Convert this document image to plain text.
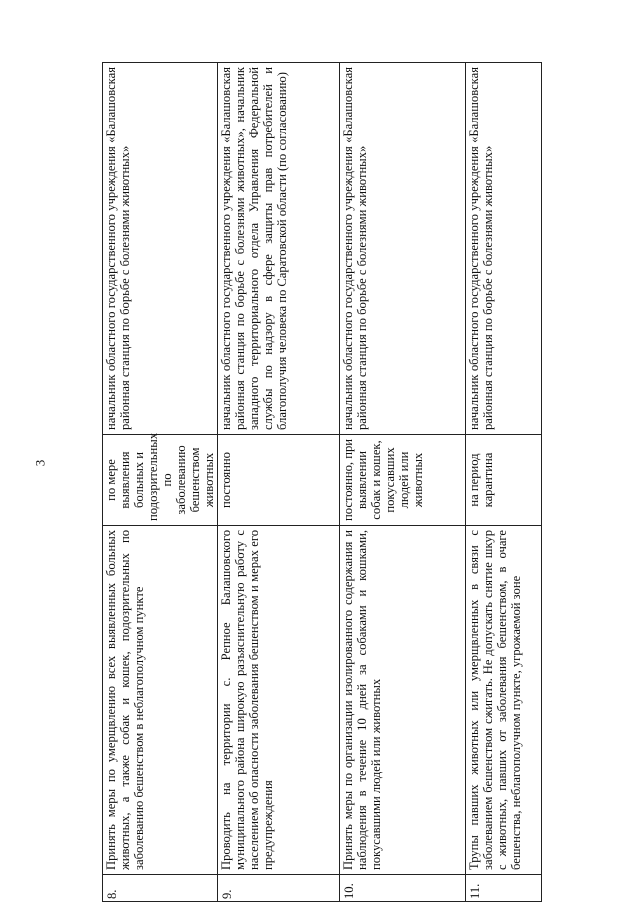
3
8.	Принять меры по умерщвлению всех выявленных больных животных, а также собак и кошек, подозрительных по заболеванию бешенством в неблагополучном пункте	по мере выявления больных и подозрительных по заболеванию бешенством животных	начальник областного государственного учреждения «Балашовская районная станция по борьбе с болезнями животных»
9.	Проводить на территории с. Репное Балашовского муниципального района широкую разъяснительную работу с населением об опасности заболевания бешенством и мерах его предупреждения	постоянно	начальник областного государственного учреждения «Балашовская районная станция по борьбе с болезнями животных», начальник западного территориального отдела Управления Федеральной службы по надзору в сфере защиты прав потребителей и благополучия человека по Саратовской области (по согласованию)
10.	Принять меры по организации изолированного содержания и наблюдения в течение 10 дней за собаками и кошками, покусавшими людей или животных	постоянно, при выявлении собак и кошек, покусавших людей или животных	начальник областного государственного учреждения «Балашовская районная станция по борьбе с болезнями животных»
11.	Трупы павших животных или умерщвленных в связи с заболеванием бешенством сжигать. Не допускать снятие шкур с животных, павших от заболевания бешенством, в очаге бешенства, неблагополучном пункте, угрожаемой зоне	на период карантина	начальник областного государственного учреждения «Балашовская районная станция по борьбе с болезнями животных»
